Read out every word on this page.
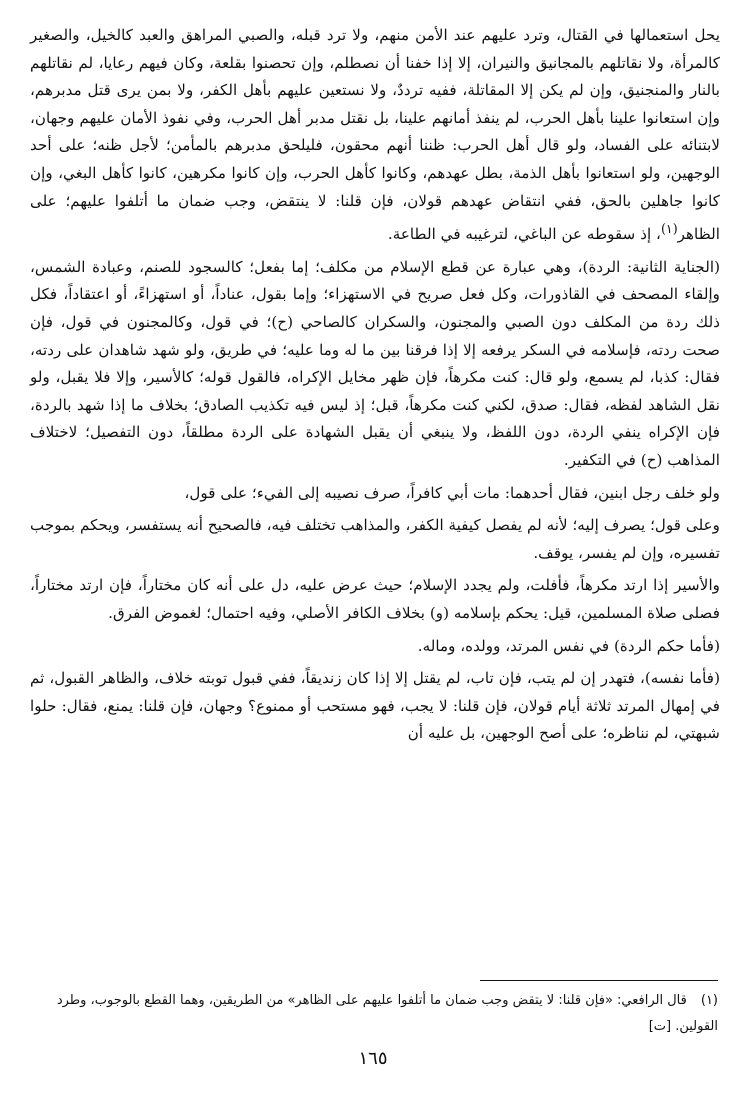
يحل استعمالها في القتال، وترد عليهم عند الأمن منهم، ولا ترد قبله، والصبي المراهق والعبد كالخيل، والصغير كالمرأة، ولا نقاتلهم بالمجانيق والنيران، إلا إذا خفنا أن نصطلم، وإن تحصنوا بقلعة، وكان فيهم رعايا، لم نقاتلهم بالنار والمنجنيق، وإن لم يكن إلا المقاتلة، ففيه ترددٌ، ولا نستعين عليهم بأهل الكفر، ولا بمن يرى قتل مدبرهم، وإن استعانوا علينا بأهل الحرب، لم ينفذ أمانهم علينا، بل نقتل مدبر أهل الحرب، وفي نفوذ الأمان عليهم وجهان، لابتنائه على الفساد، ولو قال أهل الحرب: ظننا أنهم محقون، فليلحق مدبرهم بالمأمن؛ لأجل ظنه؛ على أحد الوجهين، ولو استعانوا بأهل الذمة، بطل عهدهم، وكانوا كأهل الحرب، وإن كانوا مكرهين، كانوا كأهل البغي، وإن كانوا جاهلين بالحق، ففي انتقاض عهدهم قولان، فإن قلنا: لا ينتقض، وجب ضمان ما أتلفوا عليهم؛ على الظاهر$^{(١)}$، إذ سقوطه عن الباغي، لترغيبه في الطاعة.

(الجناية الثانية: الردة)، وهي عبارة عن قطع الإسلام من مكلف؛ إما بفعل؛ كالسجود للصنم، وعبادة الشمس، وإلقاء المصحف في القاذورات، وكل فعل صريح في الاستهزاء؛ وإما بقول، عناداً، أو استهزاءً، أو اعتقاداً، فكل ذلك ردة من المكلف دون الصبي والمجنون، والسكران كالصاحي (ح)؛ في قول، وكالمجنون في قول، فإن صحت ردته، فإسلامه في السكر يرفعه إلا إذا فرقنا بين ما له وما عليه؛ في طريق، ولو شهد شاهدان على ردته، فقال: كذبا، لم يسمع، ولو قال: كنت مكرهاً، فإن ظهر مخايل الإكراه، فالقول قوله؛ كالأسير، وإلا فلا يقبل، ولو نقل الشاهد لفظه، فقال: صدق، لكني كنت مكرهاً، قبل؛ إذ ليس فيه تكذيب الصادق؛ بخلاف ما إذا شهد بالردة، فإن الإكراه ينفي الردة، دون اللفظ، ولا ينبغي أن يقبل الشهادة على الردة مطلقاً، دون التفصيل؛ لاختلاف المذاهب (ح) في التكفير.

ولو خلف رجل ابنين، فقال أحدهما: مات أبي كافراً، صرف نصيبه إلى الفيء؛ على قول،

وعلى قول؛ يصرف إليه؛ لأنه لم يفصل كيفية الكفر، والمذاهب تختلف فيه، فالصحيح أنه يستفسر، ويحكم بموجب تفسيره، وإن لم يفسر، يوقف.

والأسير إذا ارتد مكرهاً، فأفلت، ولم يجدد الإسلام؛ حيث عرض عليه، دل على أنه كان مختاراً، فإن ارتد مختاراً، فصلى صلاة المسلمين، قيل: يحكم بإسلامه (و) بخلاف الكافر الأصلي، وفيه احتمال؛ لغموض الفرق.

(فأما حكم الردة) في نفس المرتد، وولده، وماله.

(فأما نفسه)، فتهدر إن لم يتب، فإن تاب، لم يقتل إلا إذا كان زنديقاً، ففي قبول توبته خلاف، والظاهر القبول، ثم في إمهال المرتد ثلاثة أيام قولان، فإن قلنا: لا يجب، فهو مستحب أو ممنوع؟ وجهان، فإن قلنا: يمنع، فقال: حلوا شبهتي، لم نناظره؛ على أصح الوجهين، بل عليه أن

(١)قال الرافعي: «فإن قلنا: لا يتقض وجب ضمان ما أتلفوا عليهم على الظاهر» من الطريقين، وهما القطع بالوجوب، وطرد القولين. [ت]
١٦٥
